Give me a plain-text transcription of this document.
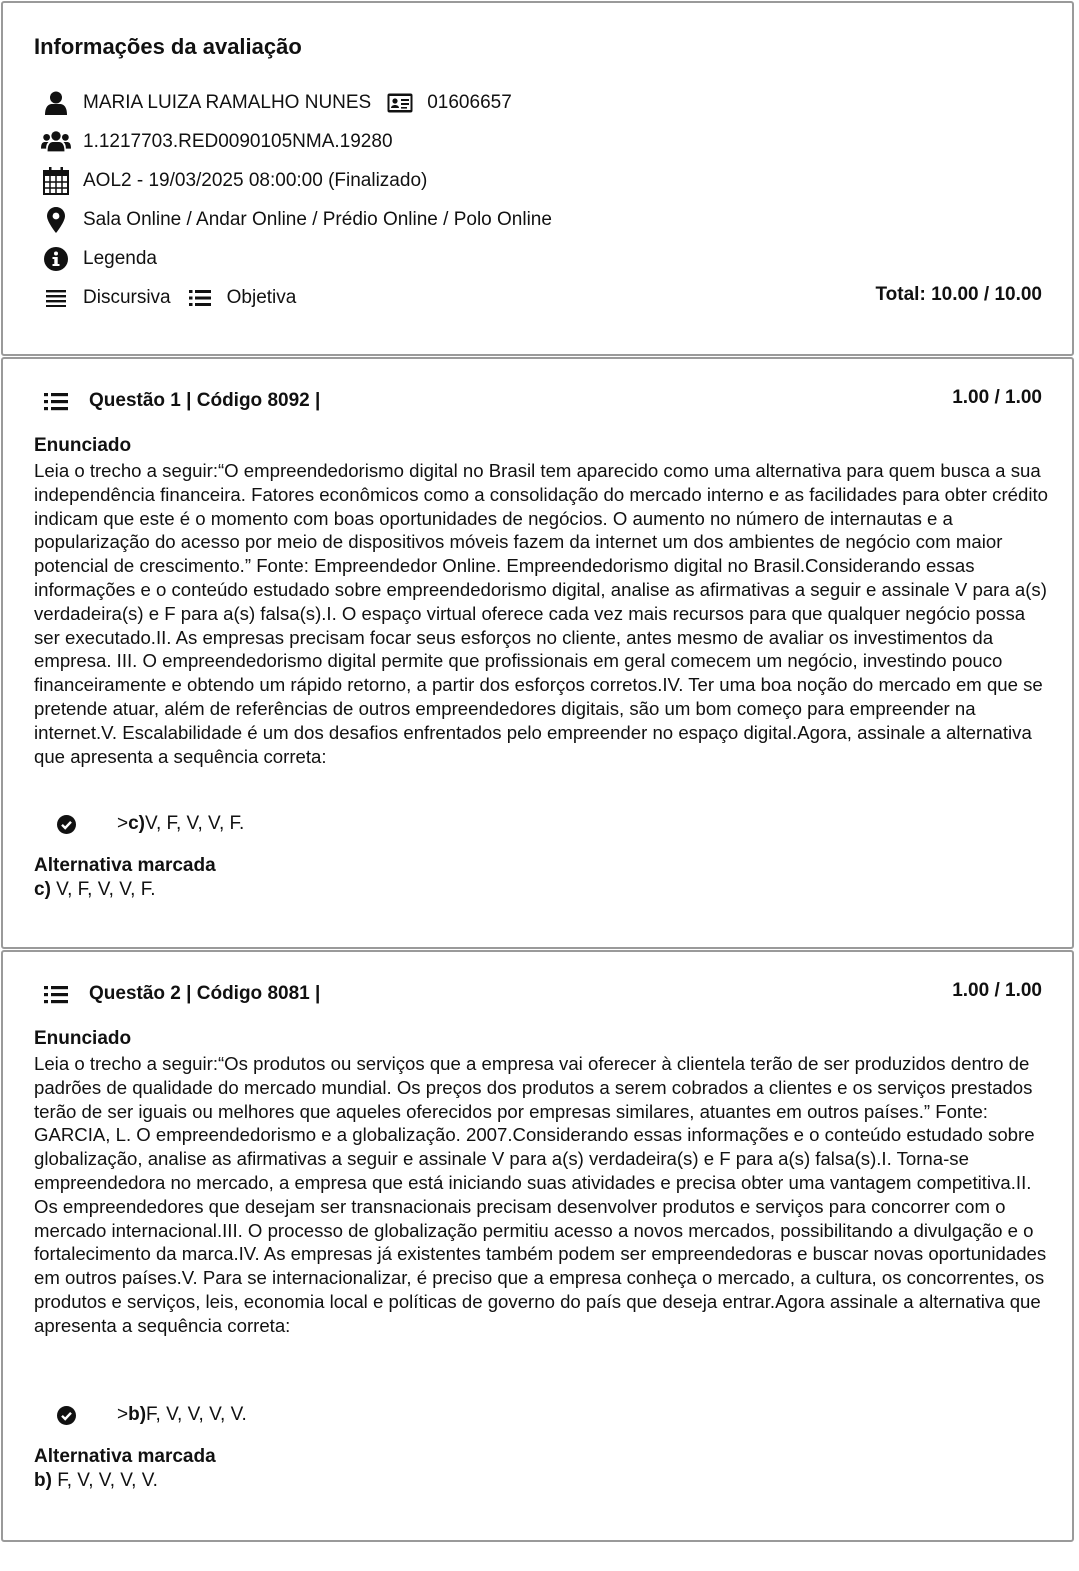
Informações da avaliação
MARIA LUIZA RAMALHO NUNES	01606657
1.1217703.RED0090105NMA.19280
AOL2 - 19/03/2025 08:00:00 (Finalizado)
Sala Online / Andar Online / Prédio Online / Polo Online
Legenda
Discursiva	Objetiva	Total: 10.00 / 10.00
Questão 1 | Código 8092 |	1.00 / 1.00
Enunciado
Leia o trecho a seguir:“O empreendedorismo digital no Brasil tem aparecido como uma alternativa para quem busca a sua independência financeira. Fatores econômicos como a consolidação do mercado interno e as facilidades para obter crédito indicam que este é o momento com boas oportunidades de negócios. O aumento no número de internautas e a popularização do acesso por meio de dispositivos móveis fazem da internet um dos ambientes de negócio com maior potencial de crescimento.” Fonte: Empreendedor Online. Empreendedorismo digital no Brasil.Considerando essas informações e o conteúdo estudado sobre empreendedorismo digital, analise as afirmativas a seguir e assinale V para a(s) verdadeira(s) e F para a(s) falsa(s).I. O espaço virtual oferece cada vez mais recursos para que qualquer negócio possa ser executado.II. As empresas precisam focar seus esforços no cliente, antes mesmo de avaliar os investimentos da empresa. III. O empreendedorismo digital permite que profissionais em geral comecem um negócio, investindo pouco financeiramente e obtendo um rápido retorno, a partir dos esforços corretos.IV. Ter uma boa noção do mercado em que se pretende atuar, além de referências de outros empreendedores digitais, são um bom começo para empreender na internet.V. Escalabilidade é um dos desafios enfrentados pelo empreender no espaço digital.Agora, assinale a alternativa que apresenta a sequência correta:
> c) V, F, V, V, F.
Alternativa marcada
c) V, F, V, V, F.
Questão 2 | Código 8081 |	1.00 / 1.00
Enunciado
Leia o trecho a seguir:“Os produtos ou serviços que a empresa vai oferecer à clientela terão de ser produzidos dentro de padrões de qualidade do mercado mundial. Os preços dos produtos a serem cobrados a clientes e os serviços prestados terão de ser iguais ou melhores que aqueles oferecidos por empresas similares, atuantes em outros países.” Fonte: GARCIA, L. O empreendedorismo e a globalização. 2007.Considerando essas informações e o conteúdo estudado sobre globalização, analise as afirmativas a seguir e assinale V para a(s) verdadeira(s) e F para a(s) falsa(s).I. Torna-se empreendedora no mercado, a empresa que está iniciando suas atividades e precisa obter uma vantagem competitiva.II. Os empreendedores que desejam ser transnacionais precisam desenvolver produtos e serviços para concorrer com o mercado internacional.III. O processo de globalização permitiu acesso a novos mercados, possibilitando a divulgação e o fortalecimento da marca.IV. As empresas já existentes também podem ser empreendedoras e buscar novas oportunidades em outros países.V. Para se internacionalizar, é preciso que a empresa conheça o mercado, a cultura, os concorrentes, os produtos e serviços, leis, economia local e políticas de governo do país que deseja entrar.Agora assinale a alternativa que apresenta a sequência correta:
> b) F, V, V, V, V.
Alternativa marcada
b) F, V, V, V, V.
